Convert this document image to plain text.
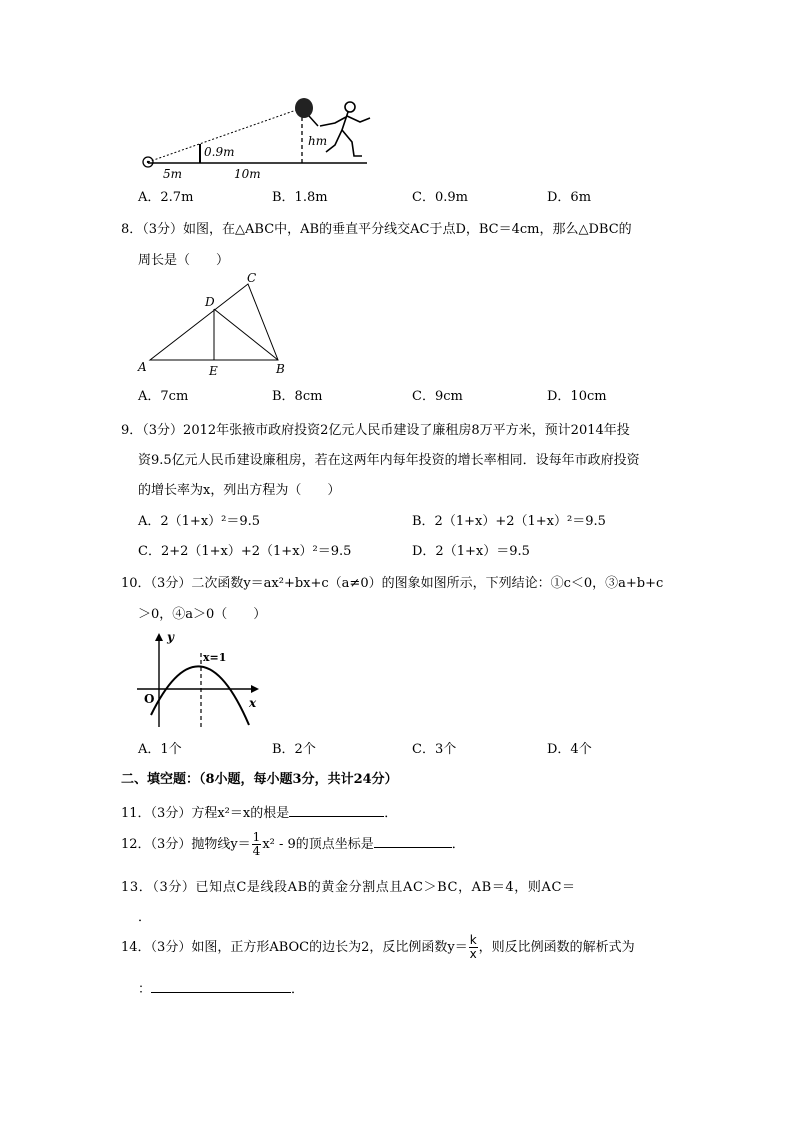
0.9m
hm
5m	10m
A．2.7m	B．1.8m	C．0.9m	D．6m
8．（3分）如图，在△ABC中，AB的垂直平分线交AC于点D，BC＝4cm，那么△DBC的
周长是（　　）
A	B
C
D
E
A．7cm	B．8cm	C．9cm	D．10cm
9．（3分）2012年张掖市政府投资2亿元人民币建设了廉租房8万平方米，预计2014年投
资9.5亿元人民币建设廉租房，若在这两年内每年投资的增长率相同．设每年市政府投资
的增长率为x，列出方程为（　　）
A．2（1+x）²＝9.5	B．2（1+x）+2（1+x）²＝9.5
C．2+2（1+x）+2（1+x）²＝9.5	D．2（1+x）＝9.5
10．（3分）二次函数y＝ax²+bx+c（a≠0）的图象如图所示，下列结论：①c＜0，③a+b+c
＞0，④a＞0（　　）
y
x
O
x=1
A．1个	B．2个	C．3个	D．4个
二、填空题：（8小题，每小题3分，共计24分）
11．（3分）方程x²＝x的根是	．
12．（3分）抛物线$y= \frac{1}{4} x^2 - 9$的顶点坐标是	．
13．（3分）已知点C是线段AB的黄金分割点且AC＞BC，AB＝4，则AC＝
．
14．（3分）如图，正方形ABOC的边长为2，反比例函数$y= \frac{k}{x}$ ，则反比例函数的解析式为
：	．
